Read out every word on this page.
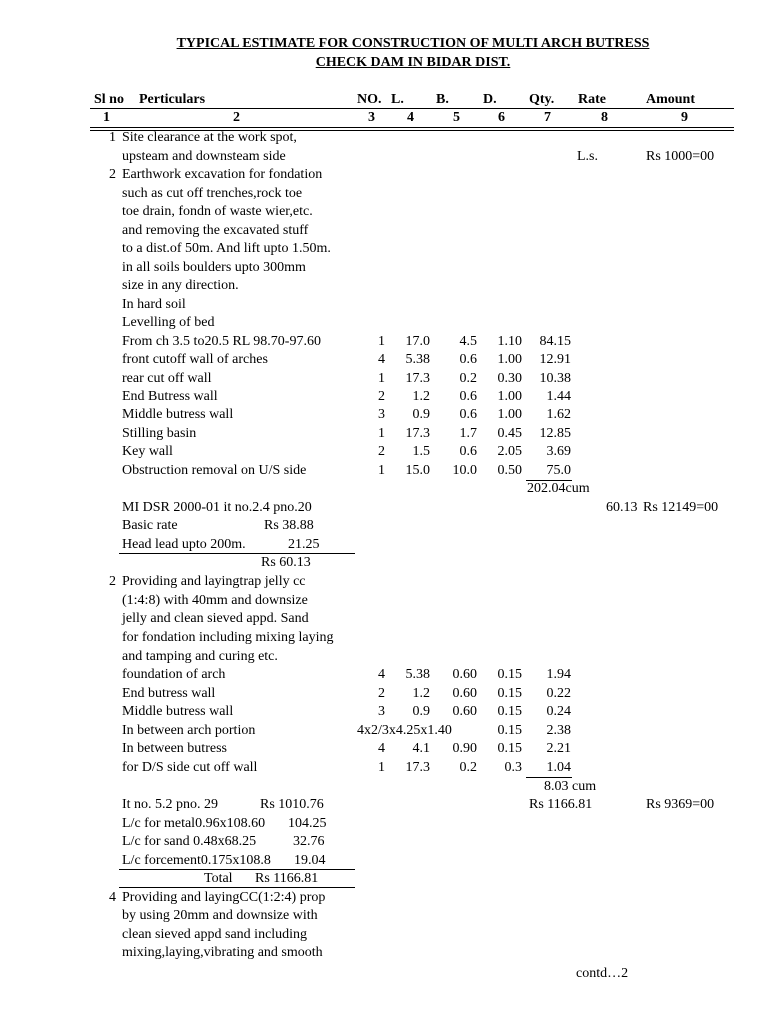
TYPICAL ESTIMATE FOR CONSTRUCTION OF MULTI ARCH BUTRESS
CHECK DAM IN BIDAR DIST.
Sl no Perticulars	NO. L. B. D. Qty. Rate	Amount
1	2	3 4	5	6	7	8	9
1 Site clearance at the work spot,
upsteam and downsteam side	L.s.	Rs 1000=00
2 Earthwork excavation for fondation
such as cut off trenches,rock toe
toe drain, fondn of waste wier,etc.
and removing the excavated stuff
to a dist.of 50m. And lift upto 1.50m.
in all soils boulders upto 300mm
size in any direction.
In hard soil
Levelling of bed
From ch 3.5 to20.5 RL 98.70-97.60	1	17.0	4.5	1.10	84.15
front cutoff wall of arches	4	5.38	0.6	1.00	12.91
rear cut off wall	1	17.3	0.2	0.30	10.38
End Butress wall	2	1.2	0.6	1.00	1.44
Middle butress wall	3	0.9	0.6	1.00	1.62
Stilling basin	1	17.3	1.7	0.45	12.85
Key wall	2	1.5	0.6	2.05	3.69
Obstruction removal on U/S side	1	15.0	10.0	0.50	75.0
202.04cum
MI DSR 2000-01 it no.2.4 pno.20	60.13 Rs 12149=00
Basic rate	Rs 38.88
Head lead upto 200m.	21.25
Rs 60.13
2 Providing and layingtrap jelly cc
(1:4:8) with 40mm and downsize
jelly and clean sieved appd. Sand
for fondation including mixing laying
and tamping and curing etc.
foundation of arch	4	5.38	0.60	0.15	1.94
End butress wall	2	1.2	0.60	0.15	0.22
Middle butress wall	3	0.9	0.60	0.15	0.24
In between arch portion	4x2/3x4.25x1.40	0.15	2.38
In between butress	4	4.1	0.90	0.15	2.21
for D/S side cut off wall	1	17.3	0.2	0.3	1.04
8.03 cum
It no. 5.2 pno. 29	Rs 1010.76	Rs 1166.81	Rs 9369=00
L/c for metal0.96x108.60 104.25
L/c for sand 0.48x68.25	32.76
L/c forcement0.175x108.8 19.04
Total Rs 1166.81
4 Providing and layingCC(1:2:4) prop
by using 20mm and downsize with
clean sieved appd sand including
mixing,laying,vibrating and smooth
contd…2
